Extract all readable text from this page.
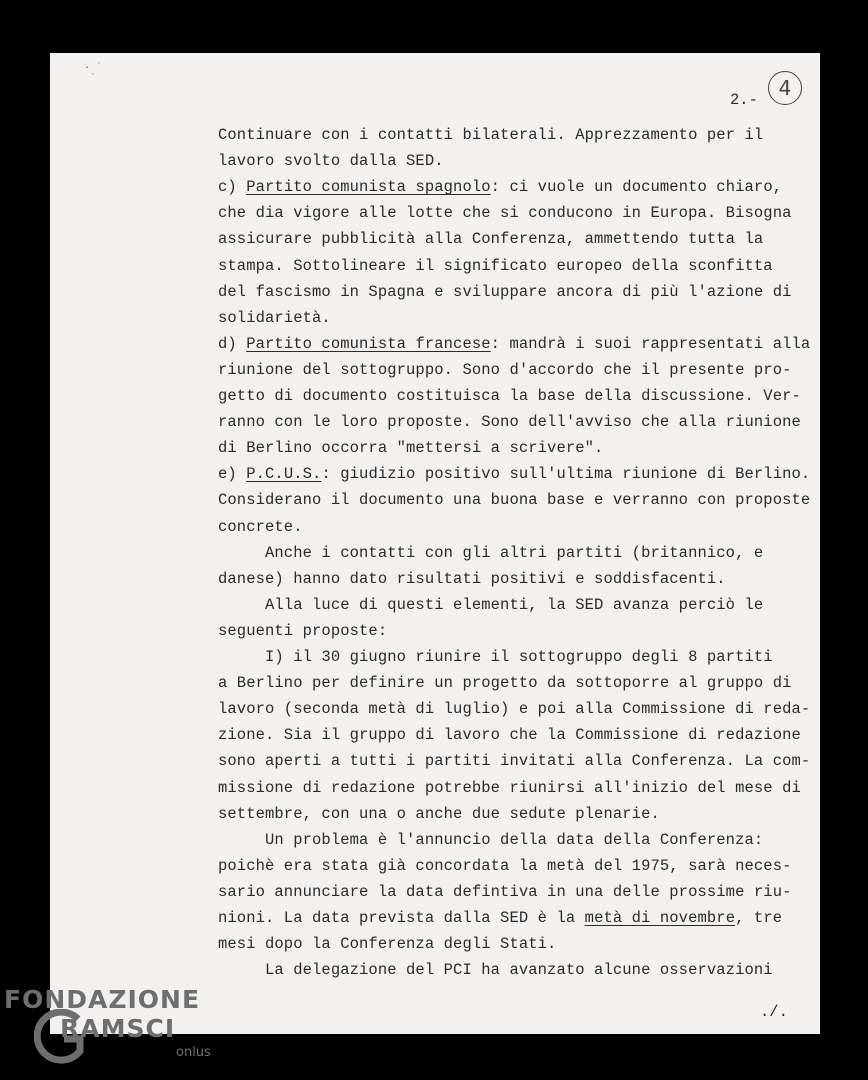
· ˙
˙	4
2.-
Continuare con i contatti bilaterali. Apprezzamento per il
lavoro svolto dalla SED.
c) Partito comunista spagnolo: ci vuole un documento chiaro,
che dia vigore alle lotte che si conducono in Europa. Bisogna
assicurare pubblicità alla Conferenza, ammettendo tutta la
stampa. Sottolineare il significato europeo della sconfitta
del fascismo in Spagna e sviluppare ancora di più l'azione di
solidarietà.
d) Partito comunista francese: mandrà i suoi rappresentati alla
riunione del sottogruppo. Sono d'accordo che il presente pro-
getto di documento costituisca la base della discussione. Ver-
ranno con le loro proposte. Sono dell'avviso che alla riunione
di Berlino occorra "mettersi a scrivere".
e) P.C.U.S.: giudizio positivo sull'ultima riunione di Berlino.
Considerano il documento una buona base e verranno con proposte
concrete.
Anche i contatti con gli altri partiti (britannico, e
danese) hanno dato risultati positivi e soddisfacenti.
Alla luce di questi elementi, la SED avanza perciò le
seguenti proposte:
I) il 30 giugno riunire il sottogruppo degli 8 partiti
a Berlino per definire un progetto da sottoporre al gruppo di
lavoro (seconda metà di luglio) e poi alla Commissione di reda-
zione. Sia il gruppo di lavoro che la Commissione di redazione
sono aperti a tutti i partiti invitati alla Conferenza. La com-
missione di redazione potrebbe riunirsi all'inizio del mese di
settembre, con una o anche due sedute plenarie.
Un problema è l'annuncio della data della Conferenza:
poichè era stata già concordata la metà del 1975, sarà neces-
sario annunciare la data defintiva in una delle prossime riu-
nioni. La data prevista dalla SED è la metà di novembre, tre
mesi dopo la Conferenza degli Stati.
La delegazione del PCI ha avanzato alcune osservazioni
./.
FONDAZIONE
RAMSCI
onlus
